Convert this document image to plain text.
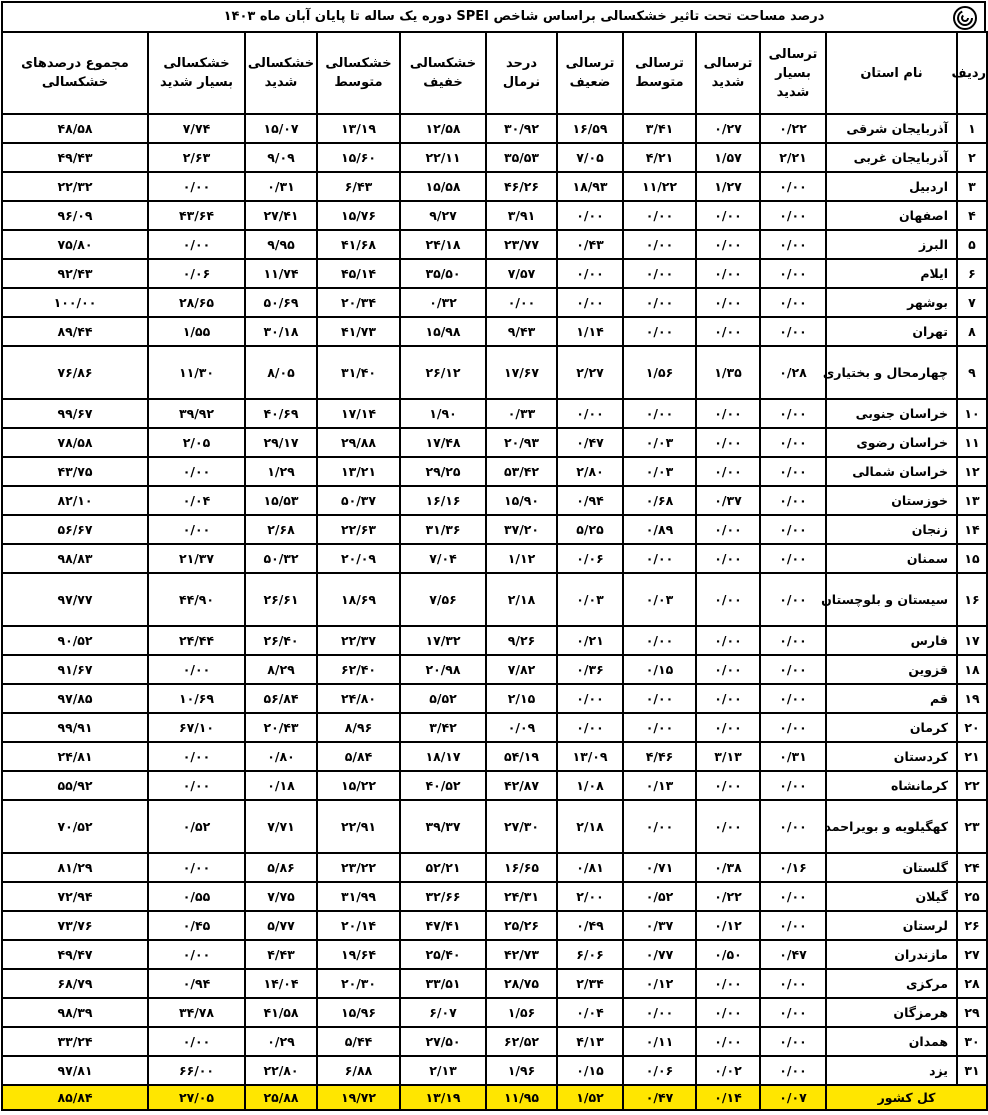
درصد مساحت تحت تاثیر خشکسالی براساس شاخص SPEI دوره یک ساله تا پایان آبان ماه ۱۴۰۳
ردیف	نام استان	ترسالی بسیار شدید	ترسالی شدید	ترسالی متوسط	ترسالی ضعیف	درحد نرمال	خشکسالی خفیف	خشکسالی متوسط	خشکسالی شدید	خشکسالی بسیار شدید	مجموع درصدهای خشکسالی
۱	آذربایجان شرقی	۰/۲۲	۰/۲۷	۳/۴۱	۱۶/۵۹	۳۰/۹۲	۱۲/۵۸	۱۳/۱۹	۱۵/۰۷	۷/۷۴	۴۸/۵۸
۲	آذربایجان غربی	۲/۲۱	۱/۵۷	۴/۲۱	۷/۰۵	۳۵/۵۳	۲۲/۱۱	۱۵/۶۰	۹/۰۹	۲/۶۳	۴۹/۴۳
۳	اردبیل	۰/۰۰	۱/۲۷	۱۱/۲۲	۱۸/۹۳	۴۶/۲۶	۱۵/۵۸	۶/۴۳	۰/۳۱	۰/۰۰	۲۲/۳۲
۴	اصفهان	۰/۰۰	۰/۰۰	۰/۰۰	۰/۰۰	۳/۹۱	۹/۲۷	۱۵/۷۶	۲۷/۴۱	۴۳/۶۴	۹۶/۰۹
۵	البرز	۰/۰۰	۰/۰۰	۰/۰۰	۰/۴۳	۲۳/۷۷	۲۴/۱۸	۴۱/۶۸	۹/۹۵	۰/۰۰	۷۵/۸۰
۶	ایلام	۰/۰۰	۰/۰۰	۰/۰۰	۰/۰۰	۷/۵۷	۳۵/۵۰	۴۵/۱۴	۱۱/۷۴	۰/۰۶	۹۲/۴۳
۷	بوشهر	۰/۰۰	۰/۰۰	۰/۰۰	۰/۰۰	۰/۰۰	۰/۳۲	۲۰/۳۴	۵۰/۶۹	۲۸/۶۵	۱۰۰/۰۰
۸	تهران	۰/۰۰	۰/۰۰	۰/۰۰	۱/۱۴	۹/۴۳	۱۵/۹۸	۴۱/۷۳	۳۰/۱۸	۱/۵۵	۸۹/۴۴
۹	چهارمحال و بختیاری	۰/۲۸	۱/۳۵	۱/۵۶	۲/۲۷	۱۷/۶۷	۲۶/۱۲	۳۱/۴۰	۸/۰۵	۱۱/۳۰	۷۶/۸۶
۱۰	خراسان جنوبی	۰/۰۰	۰/۰۰	۰/۰۰	۰/۰۰	۰/۳۳	۱/۹۰	۱۷/۱۴	۴۰/۶۹	۳۹/۹۲	۹۹/۶۷
۱۱	خراسان رضوی	۰/۰۰	۰/۰۰	۰/۰۳	۰/۴۷	۲۰/۹۳	۱۷/۴۸	۲۹/۸۸	۲۹/۱۷	۲/۰۵	۷۸/۵۸
۱۲	خراسان شمالی	۰/۰۰	۰/۰۰	۰/۰۳	۲/۸۰	۵۳/۴۲	۲۹/۲۵	۱۳/۲۱	۱/۲۹	۰/۰۰	۴۳/۷۵
۱۳	خوزستان	۰/۰۰	۰/۳۷	۰/۶۸	۰/۹۴	۱۵/۹۰	۱۶/۱۶	۵۰/۳۷	۱۵/۵۳	۰/۰۴	۸۲/۱۰
۱۴	زنجان	۰/۰۰	۰/۰۰	۰/۸۹	۵/۲۵	۳۷/۲۰	۳۱/۳۶	۲۲/۶۳	۲/۶۸	۰/۰۰	۵۶/۶۷
۱۵	سمنان	۰/۰۰	۰/۰۰	۰/۰۰	۰/۰۶	۱/۱۲	۷/۰۴	۲۰/۰۹	۵۰/۳۲	۲۱/۳۷	۹۸/۸۳
۱۶	سیستان و بلوچستان	۰/۰۰	۰/۰۰	۰/۰۳	۰/۰۳	۲/۱۸	۷/۵۶	۱۸/۶۹	۲۶/۶۱	۴۴/۹۰	۹۷/۷۷
۱۷	فارس	۰/۰۰	۰/۰۰	۰/۰۰	۰/۲۱	۹/۲۶	۱۷/۳۲	۲۲/۳۷	۲۶/۴۰	۲۴/۴۴	۹۰/۵۲
۱۸	قزوین	۰/۰۰	۰/۰۰	۰/۱۵	۰/۳۶	۷/۸۲	۲۰/۹۸	۶۲/۴۰	۸/۲۹	۰/۰۰	۹۱/۶۷
۱۹	قم	۰/۰۰	۰/۰۰	۰/۰۰	۰/۰۰	۲/۱۵	۵/۵۲	۲۴/۸۰	۵۶/۸۴	۱۰/۶۹	۹۷/۸۵
۲۰	کرمان	۰/۰۰	۰/۰۰	۰/۰۰	۰/۰۰	۰/۰۹	۳/۴۲	۸/۹۶	۲۰/۴۳	۶۷/۱۰	۹۹/۹۱
۲۱	کردستان	۰/۳۱	۳/۱۳	۴/۴۶	۱۳/۰۹	۵۴/۱۹	۱۸/۱۷	۵/۸۴	۰/۸۰	۰/۰۰	۲۴/۸۱
۲۲	کرمانشاه	۰/۰۰	۰/۰۰	۰/۱۳	۱/۰۸	۴۲/۸۷	۴۰/۵۲	۱۵/۲۲	۰/۱۸	۰/۰۰	۵۵/۹۲
۲۳	کهگیلویه و بویراحمد	۰/۰۰	۰/۰۰	۰/۰۰	۲/۱۸	۲۷/۳۰	۳۹/۳۷	۲۲/۹۱	۷/۷۱	۰/۵۲	۷۰/۵۲
۲۴	گلستان	۰/۱۶	۰/۳۸	۰/۷۱	۰/۸۱	۱۶/۶۵	۵۲/۲۱	۲۳/۲۲	۵/۸۶	۰/۰۰	۸۱/۲۹
۲۵	گیلان	۰/۰۰	۰/۲۲	۰/۵۲	۲/۰۰	۲۴/۳۱	۳۲/۶۶	۳۱/۹۹	۷/۷۵	۰/۵۵	۷۲/۹۴
۲۶	لرستان	۰/۰۰	۰/۱۲	۰/۳۷	۰/۴۹	۲۵/۲۶	۴۷/۴۱	۲۰/۱۴	۵/۷۷	۰/۴۵	۷۳/۷۶
۲۷	مازندران	۰/۴۷	۰/۵۰	۰/۷۷	۶/۰۶	۴۲/۷۳	۲۵/۴۰	۱۹/۶۴	۴/۴۳	۰/۰۰	۴۹/۴۷
۲۸	مرکزی	۰/۰۰	۰/۰۰	۰/۱۲	۲/۳۴	۲۸/۷۵	۳۳/۵۱	۲۰/۳۰	۱۴/۰۴	۰/۹۴	۶۸/۷۹
۲۹	هرمزگان	۰/۰۰	۰/۰۰	۰/۰۰	۰/۰۴	۱/۵۶	۶/۰۷	۱۵/۹۶	۴۱/۵۸	۳۴/۷۸	۹۸/۳۹
۳۰	همدان	۰/۰۰	۰/۰۰	۰/۱۱	۴/۱۳	۶۲/۵۲	۲۷/۵۰	۵/۴۴	۰/۲۹	۰/۰۰	۳۳/۲۴
۳۱	یزد	۰/۰۰	۰/۰۲	۰/۰۶	۰/۱۵	۱/۹۶	۲/۱۳	۶/۸۸	۲۲/۸۰	۶۶/۰۰	۹۷/۸۱
کل کشور		۰/۰۷	۰/۱۴	۰/۴۷	۱/۵۲	۱۱/۹۵	۱۳/۱۹	۱۹/۷۲	۲۵/۸۸	۲۷/۰۵	۸۵/۸۴
